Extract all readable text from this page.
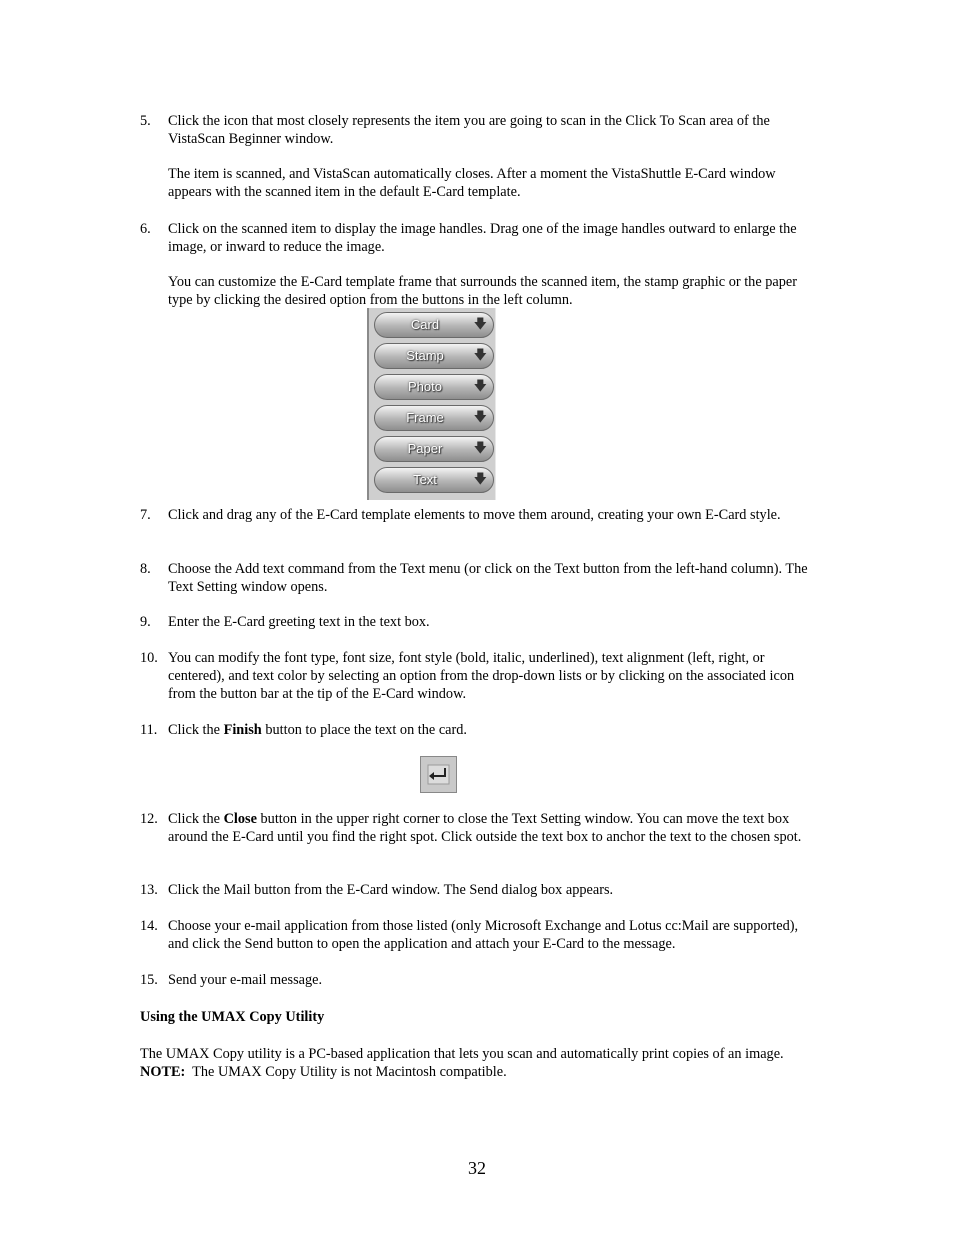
5. Click the icon that most closely represents the item you are going to scan in the Click To Scan area of the VistaScan Beginner window.

The item is scanned, and VistaScan automatically closes. After a moment the VistaShuttle E-Card window appears with the scanned item in the default E-Card template.

6. Click on the scanned item to display the image handles. Drag one of the image handles outward to enlarge the image, or inward to reduce the image.

You can customize the E-Card template frame that surrounds the scanned item, the stamp graphic or the paper type by clicking the desired option from the buttons in the left column.

Card	🡇
Stamp	🡇
Photo	🡇
Frame	🡇
Paper	🡇
Text	🡇
7. Click and drag any of the E-Card template elements to move them around, creating your own E-Card style.

8. Choose the Add text command from the Text menu (or click on the Text button from the left-hand column). The Text Setting window opens.

9. Enter the E-Card greeting text in the text box.

10. You can modify the font type, font size, font style (bold, italic, underlined), text alignment (left, right, or centered), and text color by selecting an option from the drop-down lists or by clicking on the associated icon from the button bar at the tip of the E-Card window.

11. Click the Finish button to place the text on the card.

12. Click the Close button in the upper right corner to close the Text Setting window. You can move the text box around the E-Card until you find the right spot. Click outside the text box to anchor the text to the chosen spot.

13. Click the Mail button from the E-Card window. The Send dialog box appears.

14. Choose your e-mail application from those listed (only Microsoft Exchange and Lotus cc:Mail are supported), and click the Send button to open the application and attach your E-Card to the message.

15. Send your e-mail message.

Using the UMAX Copy Utility

The UMAX Copy utility is a PC-based application that lets you scan and automatically print copies of an image.

NOTE:  The UMAX Copy Utility is not Macintosh compatible.

32
